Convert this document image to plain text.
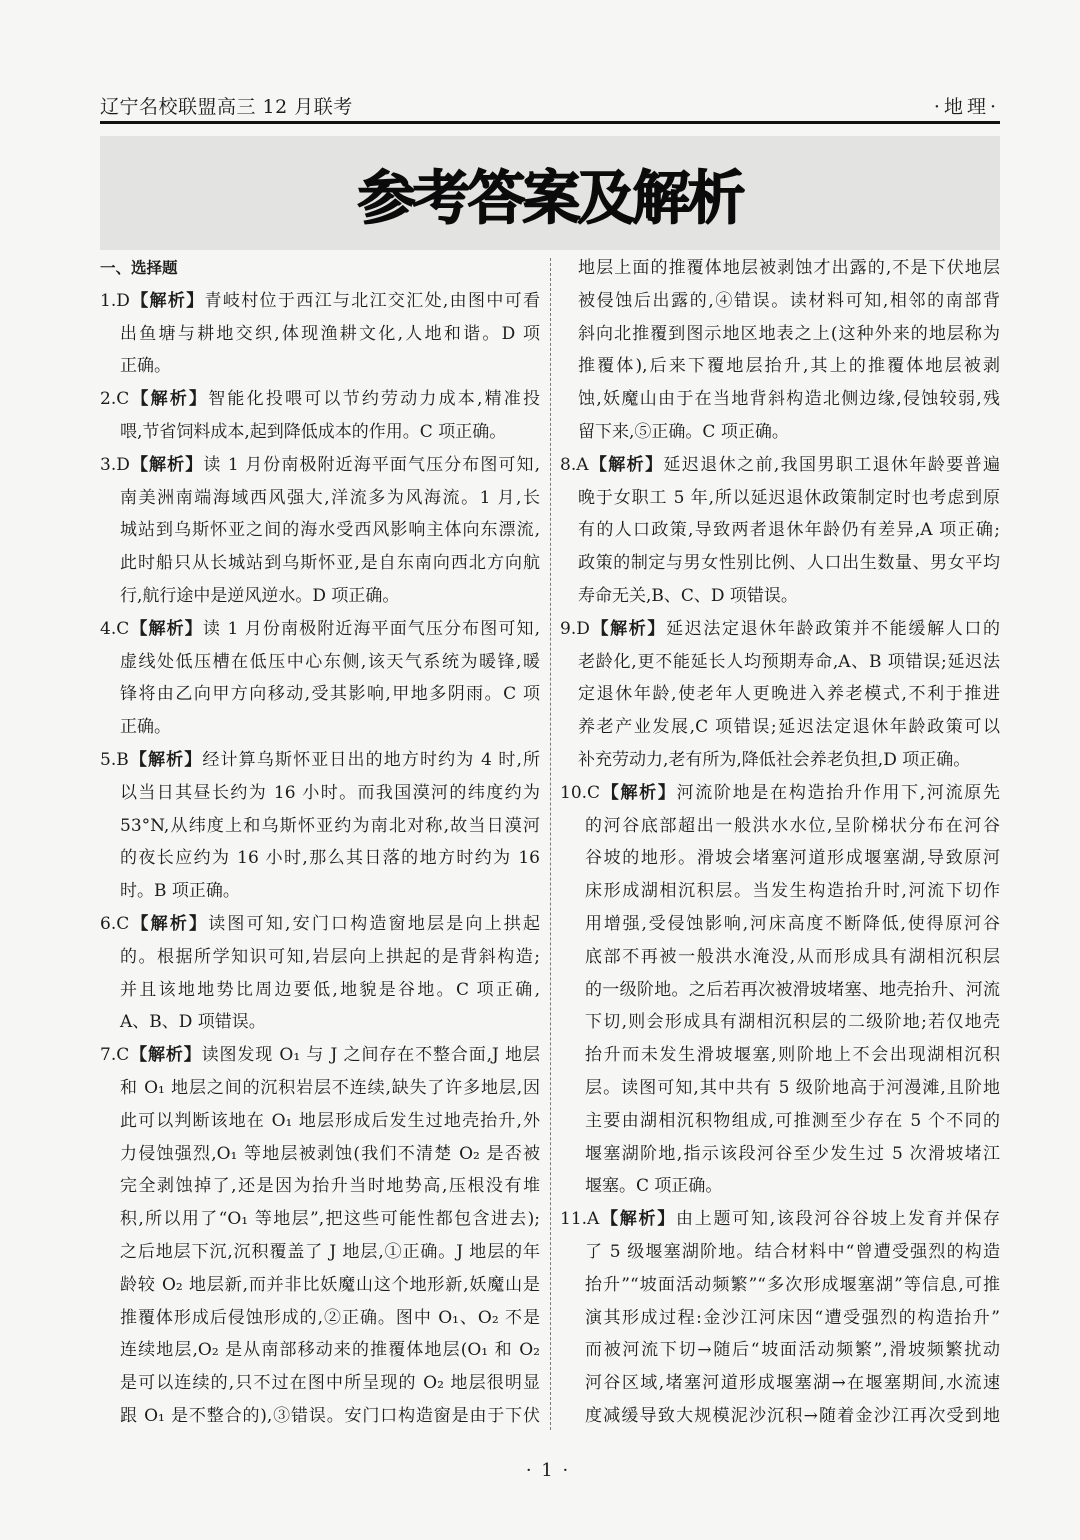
辽宁名校联盟高三 12 月联考	·地理·
参考答案及解析
一、选择题
1.D【解析】青岐村位于西江与北江交汇处,由图中可看
出鱼塘与耕地交织,体现渔耕文化,人地和谐。D 项
正确。
2.C【解析】智能化投喂可以节约劳动力成本,精准投
喂,节省饲料成本,起到降低成本的作用。C 项正确。
3.D【解析】读 1 月份南极附近海平面气压分布图可知,
南美洲南端海域西风强大,洋流多为风海流。1 月,长
城站到乌斯怀亚之间的海水受西风影响主体向东漂流,
此时船只从长城站到乌斯怀亚,是自东南向西北方向航
行,航行途中是逆风逆水。D 项正确。
4.C【解析】读 1 月份南极附近海平面气压分布图可知,
虚线处低压槽在低压中心东侧,该天气系统为暖锋,暖
锋将由乙向甲方向移动,受其影响,甲地多阴雨。C 项
正确。
5.B【解析】经计算乌斯怀亚日出的地方时约为 4 时,所
以当日其昼长约为 16 小时。而我国漠河的纬度约为
53°N,从纬度上和乌斯怀亚约为南北对称,故当日漠河
的夜长应约为 16 小时,那么其日落的地方时约为 16
时。B 项正确。
6.C【解析】读图可知,安门口构造窗地层是向上拱起
的。根据所学知识可知,岩层向上拱起的是背斜构造;
并且该地地势比周边要低,地貌是谷地。C 项正确,
A、B、D 项错误。
7.C【解析】读图发现 O₁ 与 J 之间存在不整合面,J 地层
和 O₁ 地层之间的沉积岩层不连续,缺失了许多地层,因
此可以判断该地在 O₁ 地层形成后发生过地壳抬升,外
力侵蚀强烈,O₁ 等地层被剥蚀(我们不清楚 O₂ 是否被
完全剥蚀掉了,还是因为抬升当时地势高,压根没有堆
积,所以用了“O₁ 等地层”,把这些可能性都包含进去);
之后地层下沉,沉积覆盖了 J 地层,①正确。J 地层的年
龄较 O₂ 地层新,而并非比妖魔山这个地形新,妖魔山是
推覆体形成后侵蚀形成的,②正确。图中 O₁、O₂ 不是
连续地层,O₂ 是从南部移动来的推覆体地层(O₁ 和 O₂
是可以连续的,只不过在图中所呈现的 O₂ 地层很明显
跟 O₁ 是不整合的),③错误。安门口构造窗是由于下伏
地层上面的推覆体地层被剥蚀才出露的,不是下伏地层
被侵蚀后出露的,④错误。读材料可知,相邻的南部背
斜向北推覆到图示地区地表之上(这种外来的地层称为
推覆体),后来下覆地层抬升,其上的推覆体地层被剥
蚀,妖魔山由于在当地背斜构造北侧边缘,侵蚀较弱,残
留下来,⑤正确。C 项正确。
8.A【解析】延迟退休之前,我国男职工退休年龄要普遍
晚于女职工 5 年,所以延迟退休政策制定时也考虑到原
有的人口政策,导致两者退休年龄仍有差异,A 项正确;
政策的制定与男女性别比例、人口出生数量、男女平均
寿命无关,B、C、D 项错误。
9.D【解析】延迟法定退休年龄政策并不能缓解人口的
老龄化,更不能延长人均预期寿命,A、B 项错误;延迟法
定退休年龄,使老年人更晚进入养老模式,不利于推进
养老产业发展,C 项错误;延迟法定退休年龄政策可以
补充劳动力,老有所为,降低社会养老负担,D 项正确。
10.C【解析】河流阶地是在构造抬升作用下,河流原先
的河谷底部超出一般洪水水位,呈阶梯状分布在河谷
谷坡的地形。滑坡会堵塞河道形成堰塞湖,导致原河
床形成湖相沉积层。当发生构造抬升时,河流下切作
用增强,受侵蚀影响,河床高度不断降低,使得原河谷
底部不再被一般洪水淹没,从而形成具有湖相沉积层
的一级阶地。之后若再次被滑坡堵塞、地壳抬升、河流
下切,则会形成具有湖相沉积层的二级阶地;若仅地壳
抬升而未发生滑坡堰塞,则阶地上不会出现湖相沉积
层。读图可知,其中共有 5 级阶地高于河漫滩,且阶地
主要由湖相沉积物组成,可推测至少存在 5 个不同的
堰塞湖阶地,指示该段河谷至少发生过 5 次滑坡堵江
堰塞。C 项正确。
11.A【解析】由上题可知,该段河谷谷坡上发育并保存
了 5 级堰塞湖阶地。结合材料中“曾遭受强烈的构造
抬升”“坡面活动频繁”“多次形成堰塞湖”等信息,可推
演其形成过程:金沙江河床因“遭受强烈的构造抬升”
而被河流下切→随后“坡面活动频繁”,滑坡频繁扰动
河谷区域,堵塞河道形成堰塞湖→在堰塞期间,水流速
度减缓导致大规模泥沙沉积→随着金沙江再次受到地
· 1 ·
